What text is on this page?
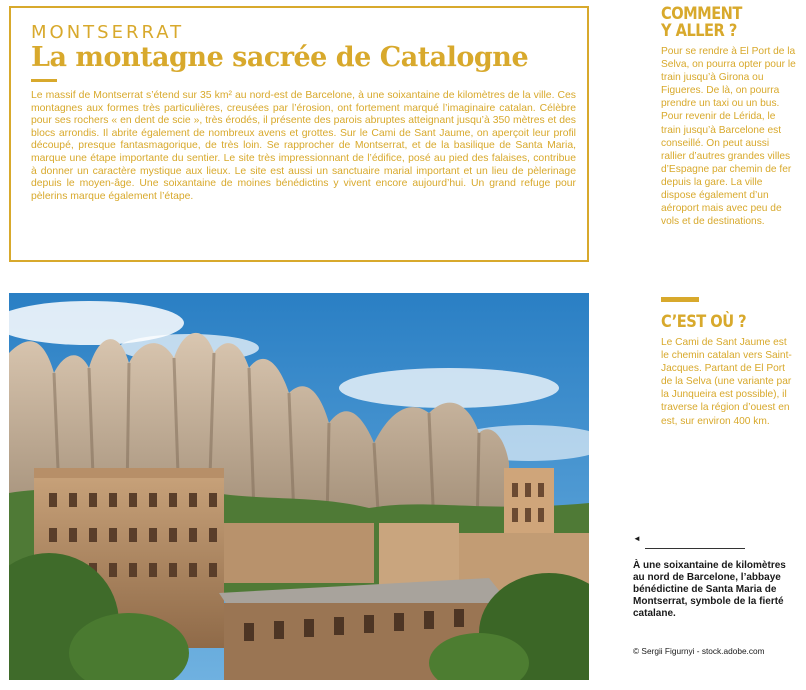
MONTSERRAT
La montagne sacrée de Catalogne

Le massif de Montserrat s’étend sur 35 km² au nord-est de Barcelone, à une soixantaine de kilomètres de la ville. Ces montagnes aux formes très particulières, creusées par l’érosion, ont fortement marqué l’imaginaire catalan. Célèbre pour ses rochers « en dent de scie », très érodés, il présente des parois abruptes atteignant jusqu’à 350 mètres et des blocs arrondis. Il abrite également de nombreux avens et grottes. Sur le Cami de Sant Jaume, on aperçoit leur profil découpé, presque fantasmagorique, de très loin. Se rapprocher de Montserrat, et de la basilique de Santa Maria, marque une étape importante du sentier. Le site très impressionnant de l’édifice, posé au pied des falaises, contribue à donner un caractère mystique aux lieux. Le site est aussi un sanctuaire marial important et un lieu de pèlerinage depuis le moyen-âge. Une soixantaine de moines bénédictins y vivent encore aujourd’hui. Un grand refuge pour pèlerins marque également l’étape.

COMMENT
Y ALLER ?

Pour se rendre à El Port de la Selva, on pourra opter pour le train jusqu’à Girona ou Figueres. De là, on pourra prendre un taxi ou un bus. Pour revenir de Lérida, le train jusqu’à Barcelone est conseillé. On peut aussi rallier d’autres grandes villes d’Espagne par chemin de fer depuis la gare. La ville dispose également d’un aéroport mais avec peu de vols et de destinations.

C’EST OÙ ?

Le Cami de Sant Jaume est le chemin catalan vers Saint-Jacques. Partant de El Port de la Selva (une variante par la Junqueira est possible), il traverse la région d’ouest en est, sur environ 400 km.

◄
À une soixantaine de kilomètres au nord de Barcelone, l’abbaye bénédictine de Santa Maria de Montserrat, symbole de la fierté catalane.
© Sergii Figurnyi - stock.adobe.com
